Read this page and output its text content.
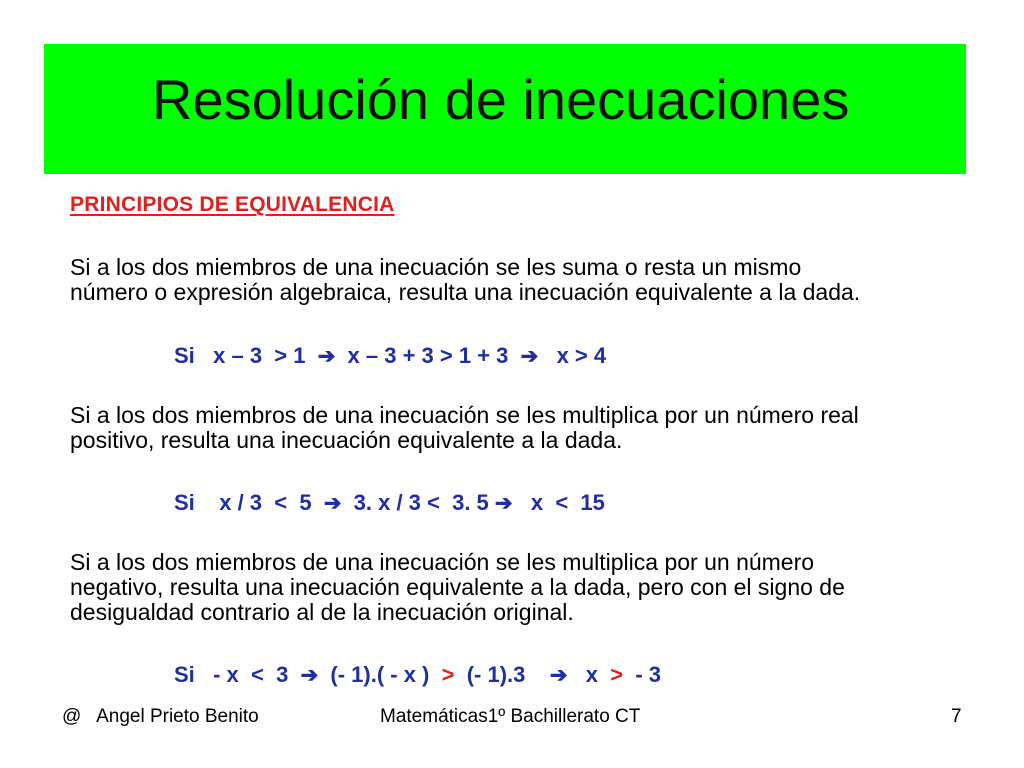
Resolución de inecuaciones
PRINCIPIOS DE EQUIVALENCIA
Si a los dos miembros de una inecuación se les suma o resta un mismo
número o expresión algebraica, resulta una inecuación equivalente a la dada.
Si   x – 3  > 1  ➔  x – 3 + 3 > 1 + 3  ➔   x > 4
Si a los dos miembros de una inecuación se les multiplica por un número real
positivo, resulta una inecuación equivalente a la dada.
Si    x / 3  <  5  ➔  3. x / 3 <  3. 5 ➔   x  <  15
Si a los dos miembros de una inecuación se les multiplica por un número
negativo, resulta una inecuación equivalente a la dada, pero con el signo de
desigualdad contrario al de la inecuación original.
Si   - x  <  3  ➔  (- 1).( - x )  >  (- 1).3    ➔   x  >  - 3
@   Angel Prieto Benito	Matemáticas1º Bachillerato CT	7
